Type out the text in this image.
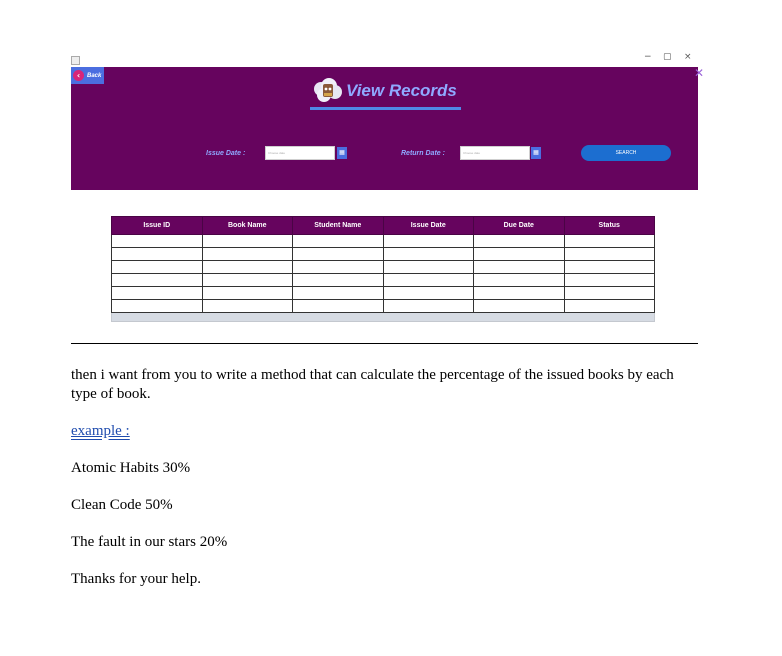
− ▢ ×
‹	Back	✕
View Records
Issue Date :	Choose date	▦	Return Date :	Choose date	▦	SEARCH
Issue ID	Book Name	Student Name	Issue Date	Due Date	Status

then i want from you to write a method that can calculate the percentage of the issued books by each type of book.
example :
Atomic Habits 30%
Clean Code 50%
The fault in our stars 20%
Thanks for your help.
